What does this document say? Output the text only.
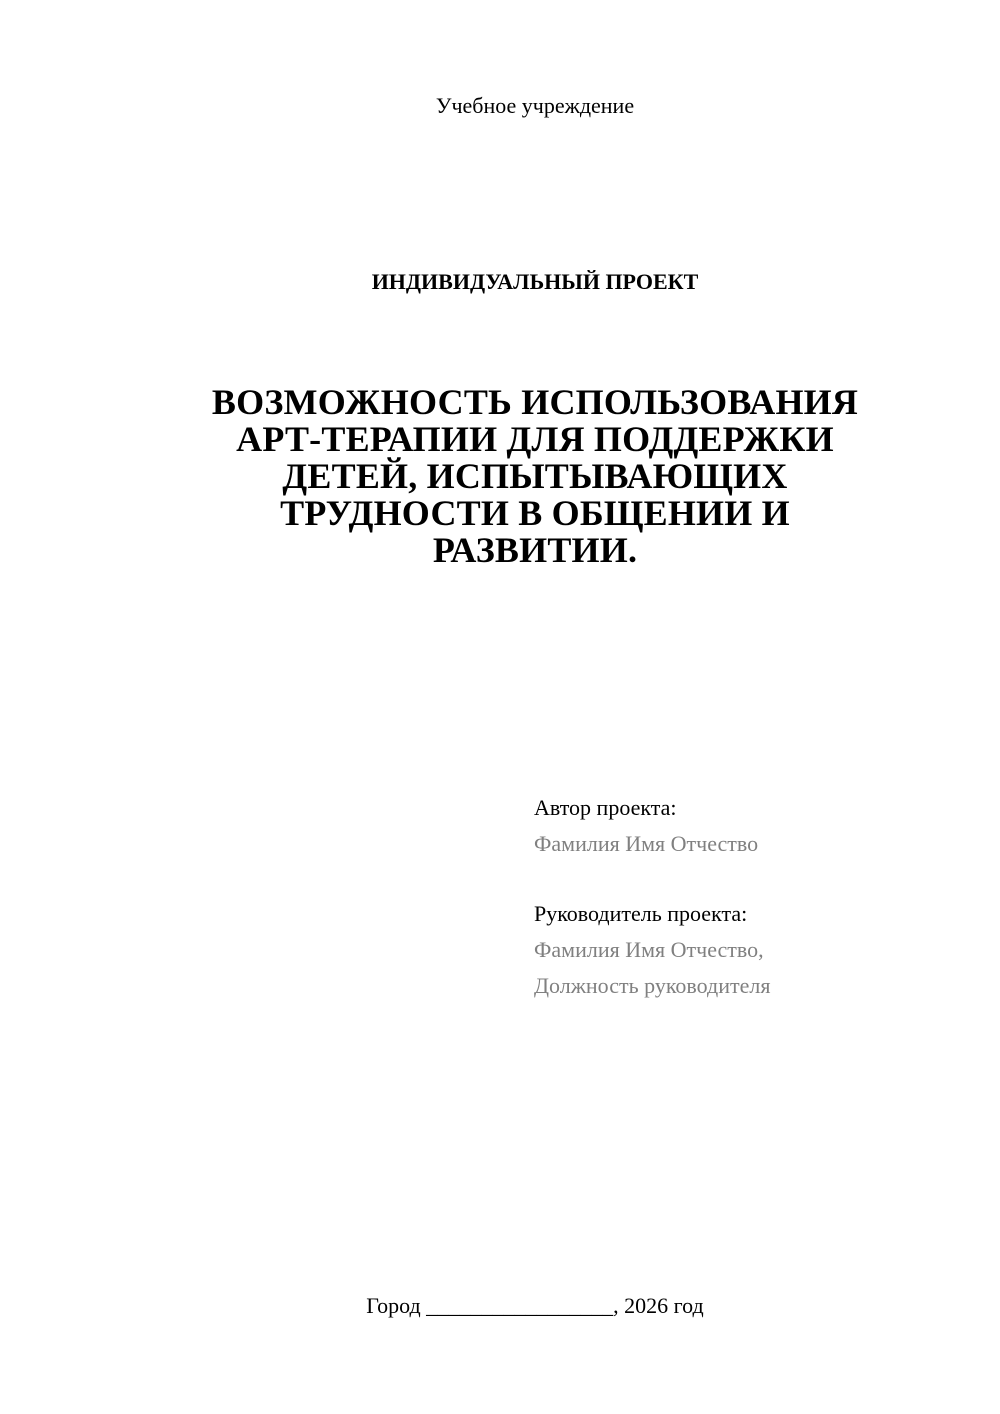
Учебное учреждение
ИНДИВИДУАЛЬНЫЙ ПРОЕКТ
ВОЗМОЖНОСТЬ ИСПОЛЬЗОВАНИЯ
АРТ-ТЕРАПИИ ДЛЯ ПОДДЕРЖКИ
ДЕТЕЙ, ИСПЫТЫВАЮЩИХ
ТРУДНОСТИ В ОБЩЕНИИ И
РАЗВИТИИ.
Автор проекта:
Фамилия Имя Отчество
Руководитель проекта:
Фамилия Имя Отчество,
Должность руководителя
Город _________________, 2026 год
